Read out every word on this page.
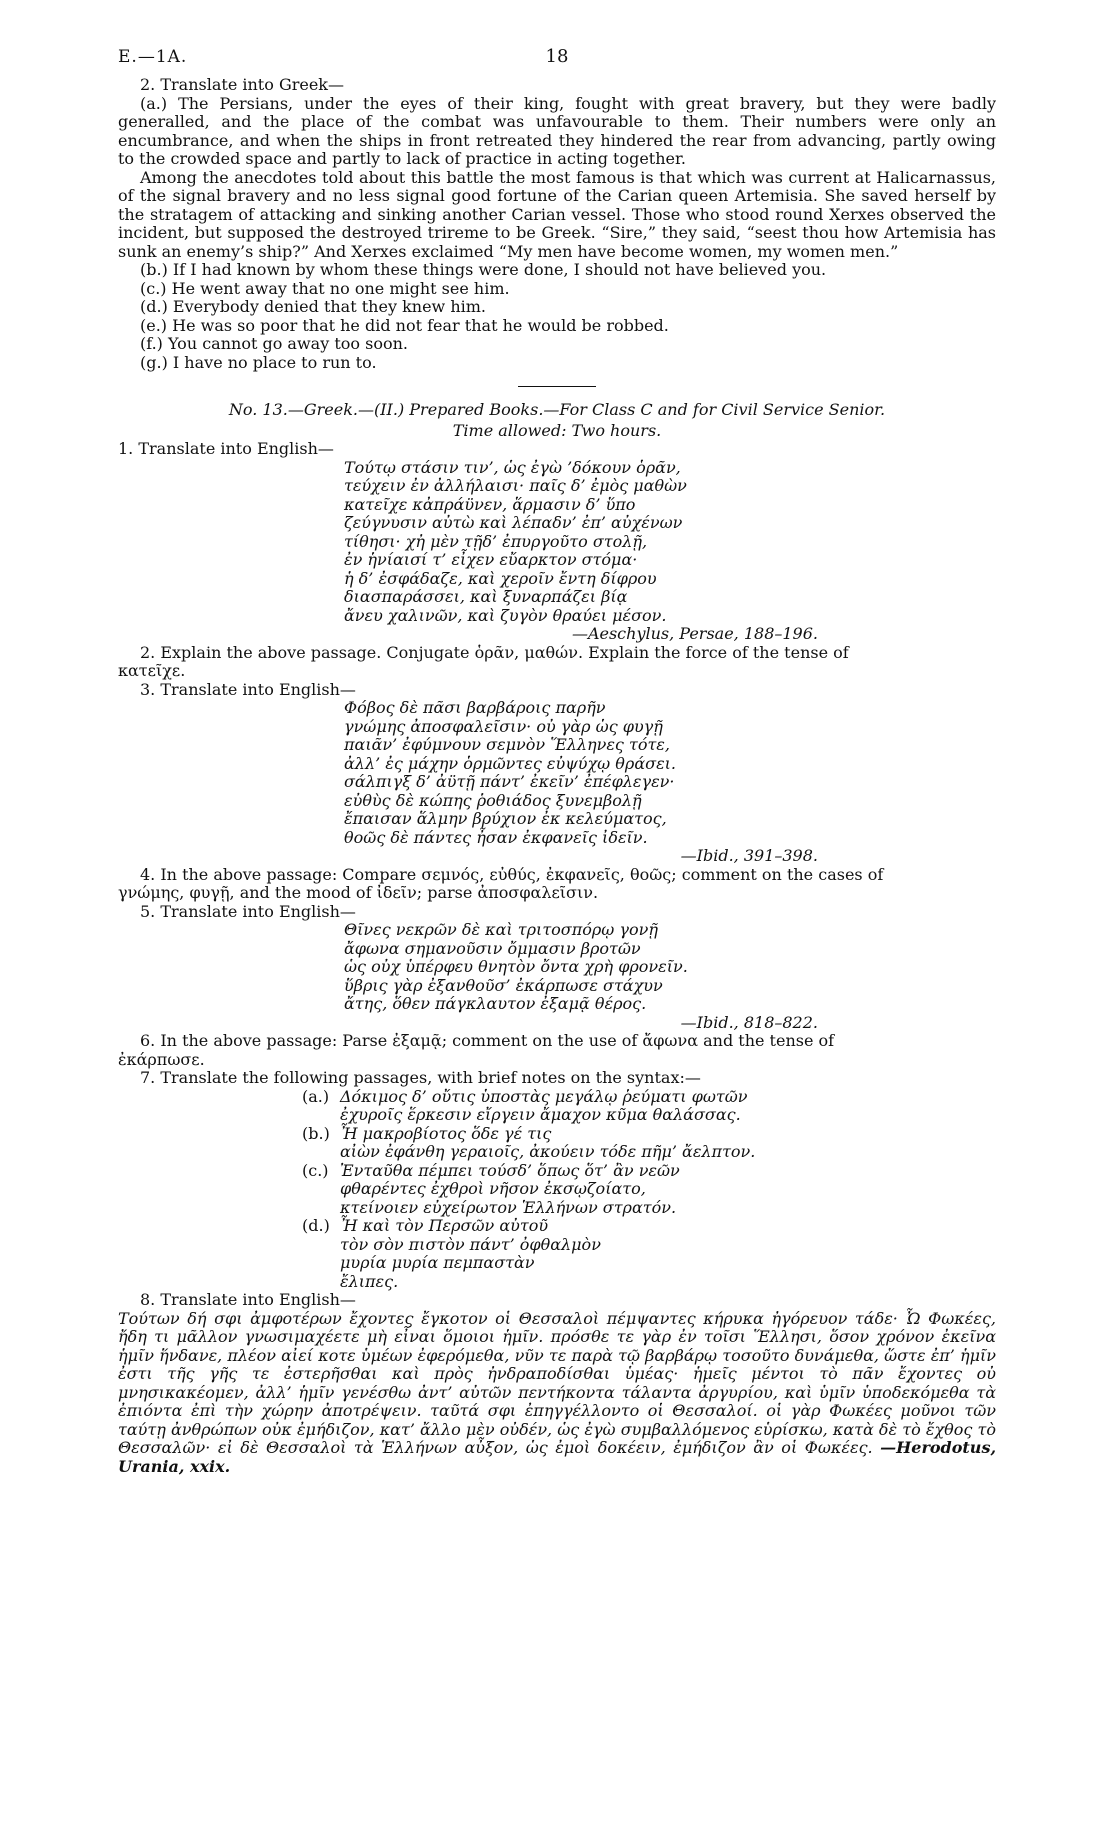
E.—1A.	18

2. Translate into Greek—

(a.) The Persians, under the eyes of their king, fought with great bravery, but they were badly generalled, and the place of the combat was unfavourable to them. Their numbers were only an encumbrance, and when the ships in front retreated they hindered the rear from advancing, partly owing to the crowded space and partly to lack of practice in acting together.

Among the anecdotes told about this battle the most famous is that which was current at Halicarnassus, of the signal bravery and no less signal good fortune of the Carian queen Artemisia. She saved herself by the stratagem of attacking and sinking another Carian vessel. Those who stood round Xerxes observed the incident, but supposed the destroyed trireme to be Greek. “Sire,” they said, “seest thou how Artemisia has sunk an enemy’s ship?” And Xerxes exclaimed “My men have become women, my women men.”

(b.) If I had known by whom these things were done, I should not have believed you.

(c.) He went away that no one might see him.

(d.) Everybody denied that they knew him.

(e.) He was so poor that he did not fear that he would be robbed.

(f.) You cannot go away too soon.

(g.) I have no place to run to.

No. 13.—Greek.—(II.) Prepared Books.—For Class C and for Civil Service Senior.

Time allowed: Two hours.

1. Translate into English—

Τούτῳ στάσιν τιν’, ὡς ἐγὼ ’δόκουν ὁρᾶν,
τεύχειν ἐν ἀλλήλαισι· παῖς δ’ ἐμὸς μαθὼν
κατεῖχε κἀπράϋνεν, ἅρμασιν δ’ ὕπο
ζεύγνυσιν αὐτὼ καὶ λέπαδν’ ἐπ’ αὐχένων
τίθησι· χἠ μὲν τῇδ’ ἐπυργοῦτο στολῇ,
ἐν ἡνίαισί τ’ εἶχεν εὔαρκτον στόμα·
ἡ δ’ ἐσφάδαζε, καὶ χεροῖν ἔντη δίφρου
διασπαράσσει, καὶ ξυναρπάζει βίᾳ
ἄνευ χαλινῶν, καὶ ζυγὸν θραύει μέσον.

—Aeschylus, Persae, 188–196.

2. Explain the above passage. Conjugate ὁρᾶν, μαθών. Explain the force of the tense of

κατεῖχε.

3. Translate into English—

Φόβος δὲ πᾶσι βαρβάροις παρῆν
γνώμης ἀποσφαλεῖσιν· οὐ γὰρ ὡς φυγῇ
παιᾶν’ ἐφύμνουν σεμνὸν Ἕλληνες τότε,
ἀλλ’ ἐς μάχην ὁρμῶντες εὐψύχῳ θράσει.
σάλπιγξ δ’ ἀϋτῇ πάντ’ ἐκεῖν’ ἐπέφλεγεν·
εὐθὺς δὲ κώπης ῥοθιάδος ξυνεμβολῇ
ἔπαισαν ἅλμην βρύχιον ἐκ κελεύματος,
θοῶς δὲ πάντες ἦσαν ἐκφανεῖς ἰδεῖν.

—Ibid., 391–398.

4. In the above passage: Compare σεμνός, εὐθύς, ἐκφανεῖς, θοῶς; comment on the cases of

γνώμης, φυγῇ, and the mood of ἰδεῖν; parse ἀποσφαλεῖσιν.

5. Translate into English—

Θῖνες νεκρῶν δὲ καὶ τριτοσπόρῳ γονῇ
ἄφωνα σημανοῦσιν ὄμμασιν βροτῶν
ὡς οὐχ ὑπέρφευ θνητὸν ὄντα χρὴ φρονεῖν.
ὕβρις γὰρ ἐξανθοῦσ’ ἐκάρπωσε στάχυν
ἄτης, ὅθεν πάγκλαυτον ἐξαμᾷ θέρος.

—Ibid., 818–822.

6. In the above passage: Parse ἐξαμᾷ; comment on the use of ἄφωνα and the tense of

ἐκάρπωσε.

7. Translate the following passages, with brief notes on the syntax:—

(a.) Δόκιμος δ’ οὔτις ὑποστὰς μεγάλῳ ῥεύματι φωτῶν
ἐχυροῖς ἕρκεσιν εἴργειν ἄμαχον κῦμα θαλάσσας.
(b.) Ἦ μακροβίοτος ὅδε γέ τις
αἰὼν ἐφάνθη γεραιοῖς, ἀκούειν τόδε πῆμ’ ἄελπτον.
(c.) Ἐνταῦθα πέμπει τούσδ’ ὅπως ὅτ’ ἂν νεῶν
φθαρέντες ἐχθροὶ νῆσον ἐκσῳζοίατο,
κτείνοιεν εὐχείρωτον Ἑλλήνων στρατόν.
(d.) Ἦ καὶ τὸν Περσῶν αὐτοῦ
τὸν σὸν πιστὸν πάντ’ ὀφθαλμὸν
μυρία μυρία πεμπαστὰν
ἔλιπες.

8. Translate into English—

Τούτων δή σφι ἀμφοτέρων ἔχοντες ἔγκοτον οἱ Θεσσαλοὶ πέμψαντες κήρυκα ἠγόρευον τάδε· Ὦ Φωκέες, ἤδη τι μᾶλλον γνωσιμαχέετε μὴ εἶναι ὅμοιοι ἡμῖν. πρόσθε τε γὰρ ἐν τοῖσι Ἕλλησι, ὅσον χρόνον ἐκεῖνα ἡμῖν ἥνδανε, πλέον αἰεί κοτε ὑμέων ἐφερόμεθα, νῦν τε παρὰ τῷ βαρβάρῳ τοσοῦτο δυνάμεθα, ὥστε ἐπ’ ἡμῖν ἐστι τῆς γῆς τε ἐστερῆσθαι καὶ πρὸς ἠνδραποδίσθαι ὑμέας· ἡμεῖς μέντοι τὸ πᾶν ἔχοντες οὐ μνησικακέομεν, ἀλλ’ ἡμῖν γενέσθω ἀντ’ αὐτῶν πεντήκοντα τάλαντα ἀργυρίου, καὶ ὑμῖν ὑποδεκόμεθα τὰ ἐπιόντα ἐπὶ τὴν χώρην ἀποτρέψειν. ταῦτά σφι ἐπηγγέλλοντο οἱ Θεσσαλοί. οἱ γὰρ Φωκέες μοῦνοι τῶν ταύτῃ ἀνθρώπων οὐκ ἐμήδιζον, κατ’ ἄλλο μὲν οὐδέν, ὡς ἐγὼ συμβαλλόμενος εὑρίσκω, κατὰ δὲ τὸ ἔχθος τὸ Θεσσαλῶν· εἰ δὲ Θεσσαλοὶ τὰ Ἑλλήνων αὖξον, ὡς ἐμοὶ δοκέειν, ἐμήδιζον ἂν οἱ Φωκέες. —Herodotus, Urania, xxix.
